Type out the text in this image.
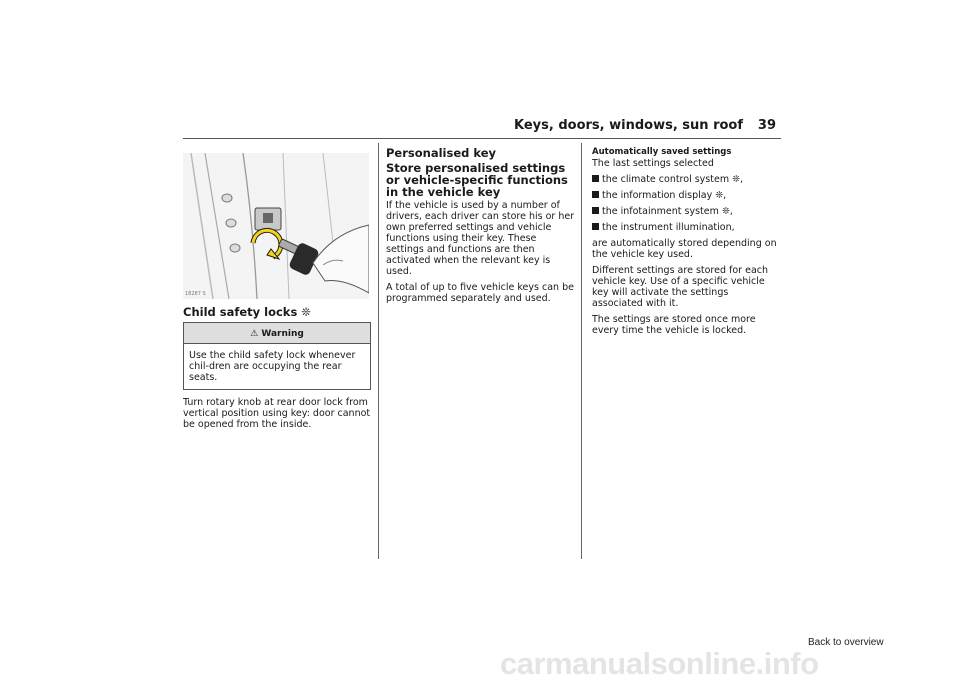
Keys, doors, windows, sun roof 39
18287 S
Child safety locks ❊
⚠ Warning
Use the child safety lock whenever chil-dren are occupying the rear seats.

Turn rotary knob at rear door lock from vertical position using key: door cannot be opened from the inside.

Personalised key
Store personalised settings or vehicle-specific functions in the vehicle key

If the vehicle is used by a number of drivers, each driver can store his or her own preferred settings and vehicle functions using their key. These settings and functions are then activated when the relevant key is used.

A total of up to five vehicle keys can be programmed separately and used.

Automatically saved settings

The last settings selected

the climate control system ❊,
the information display ❊,
the infotainment system ❊,
the instrument illumination,

are automatically stored depending on the vehicle key used.

Different settings are stored for each vehicle key. Use of a specific vehicle key will activate the settings associated with it.

The settings are stored once more every time the vehicle is locked.

Back to overview
carmanualsonline.info
